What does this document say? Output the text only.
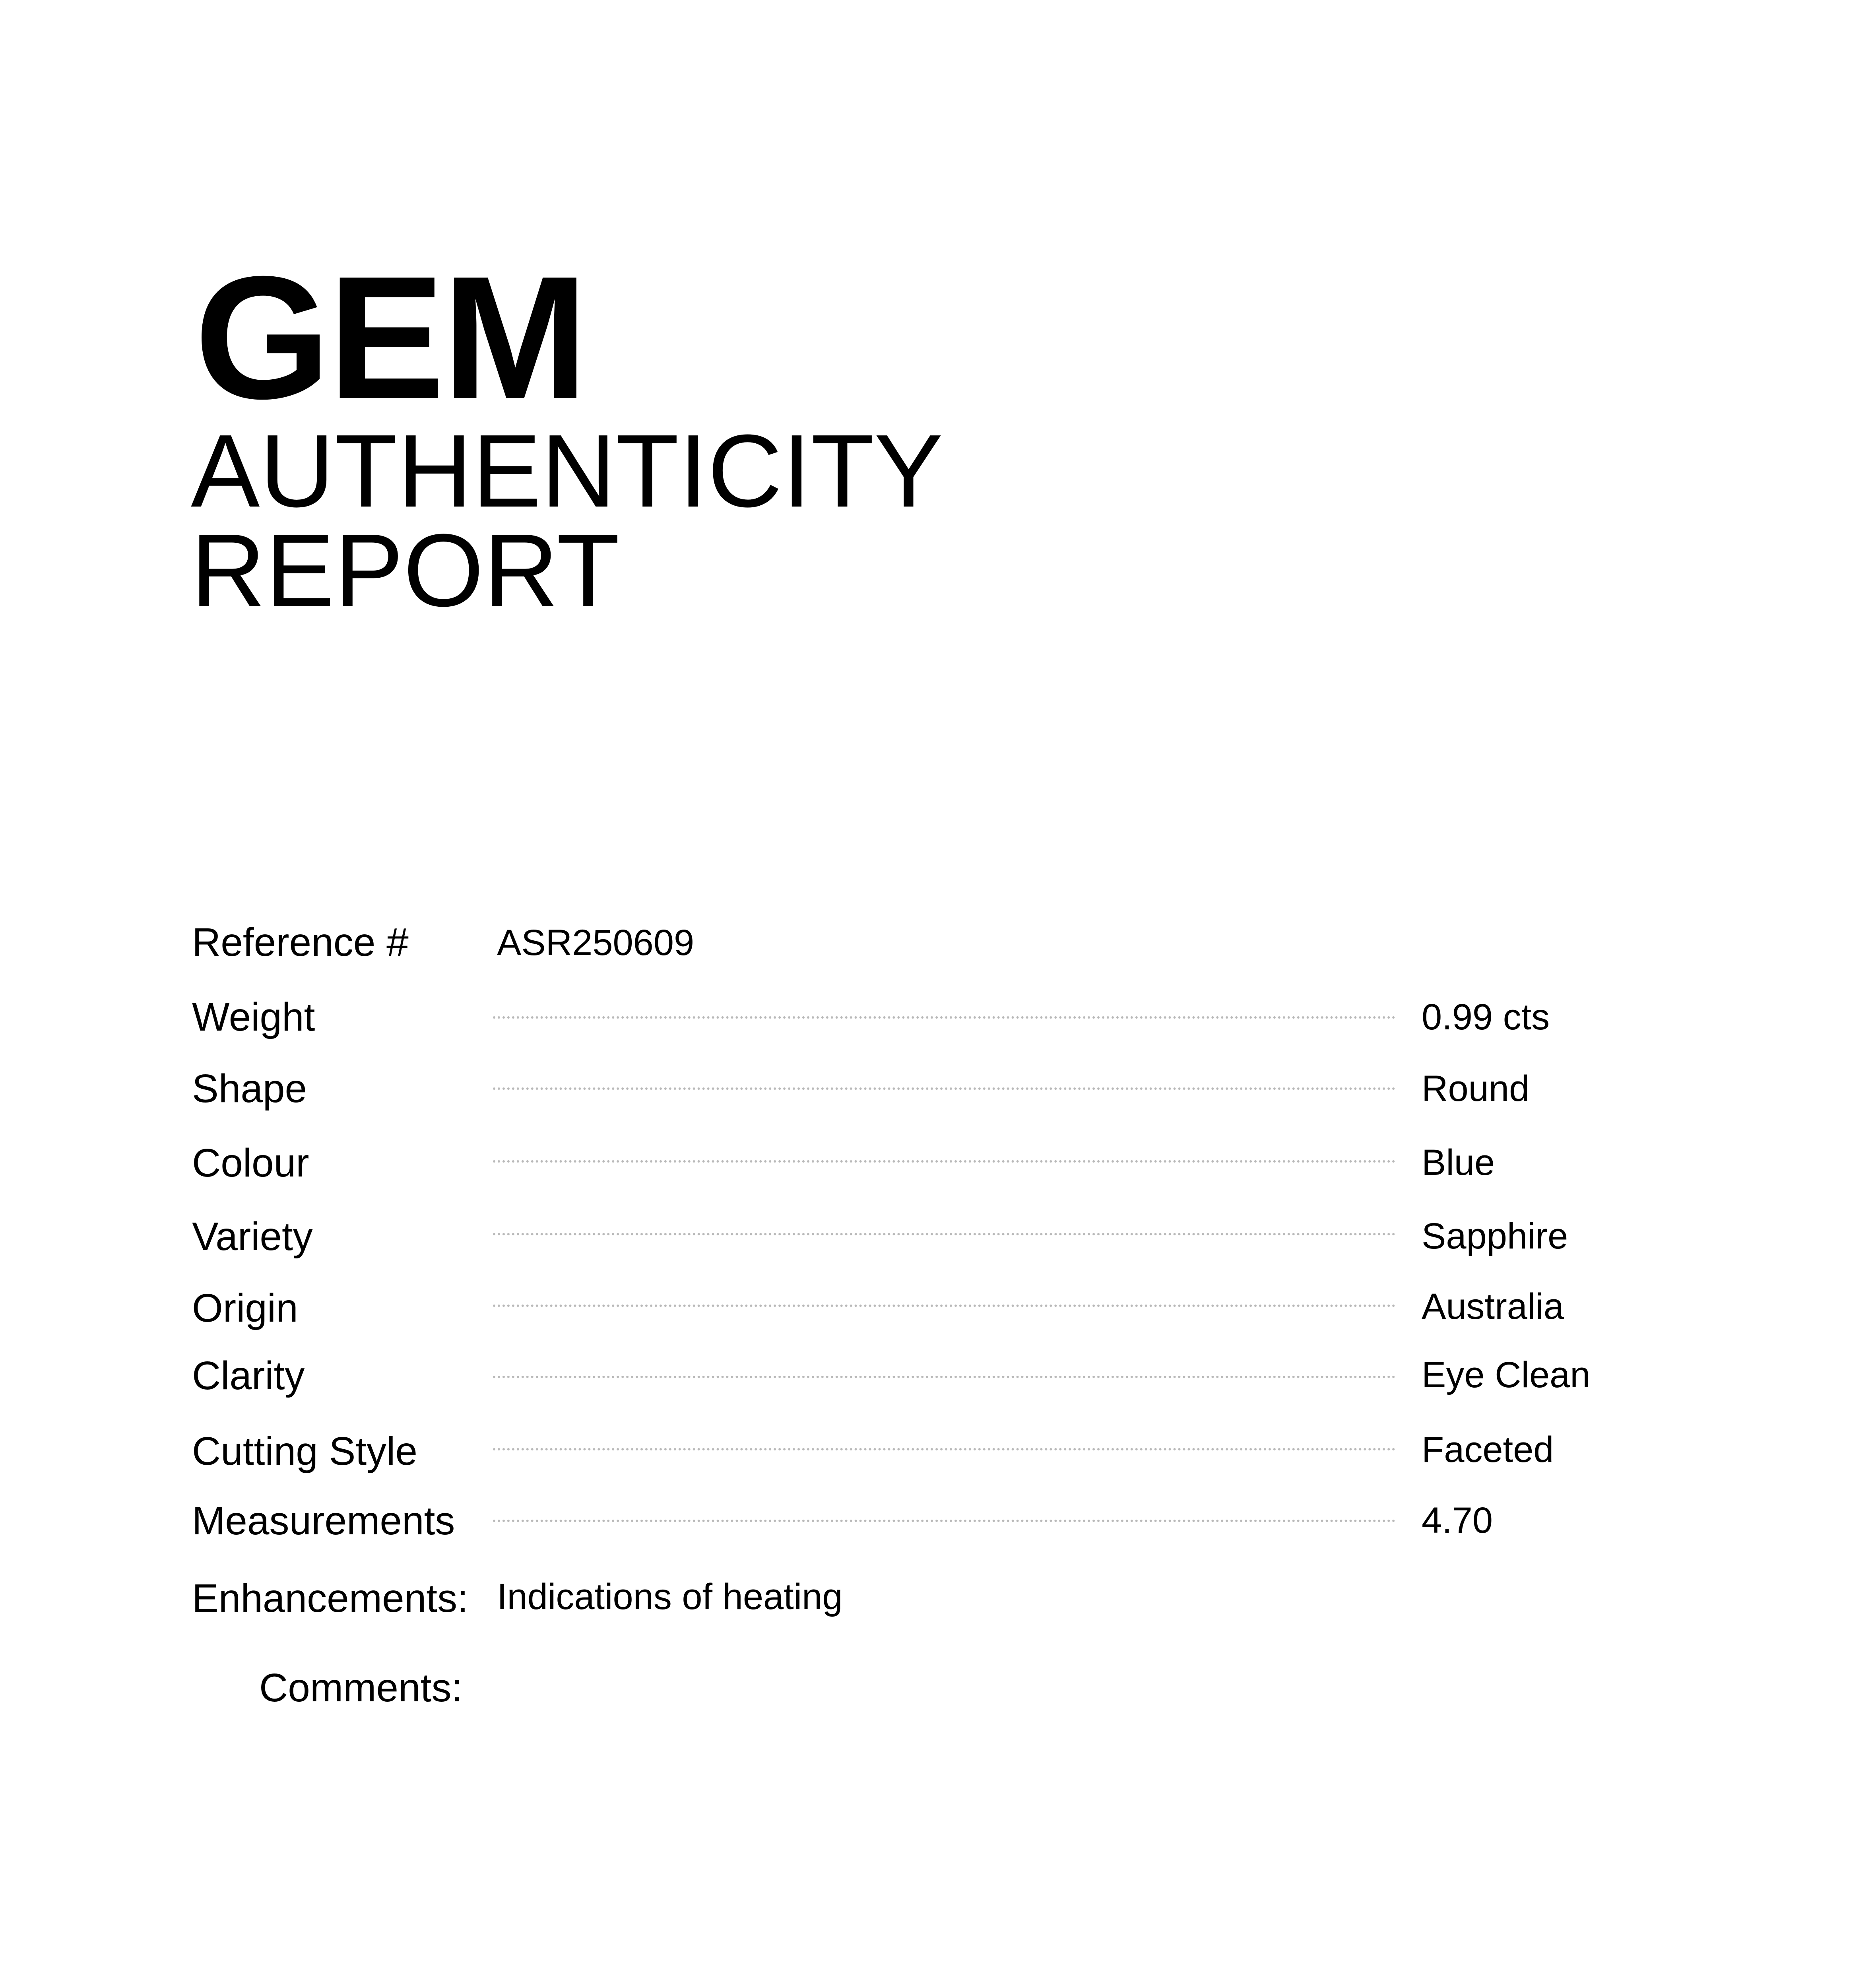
GEM
AUTHENTICITY
REPORT
Reference # ASR250609
Weight	0.99 cts
Shape	Round
Colour	Blue
Variety	Sapphire
Origin	Australia
Clarity	Eye Clean
Cutting Style	Faceted
Measurements	4.70
Enhancements: Indications of heating
Comments:
